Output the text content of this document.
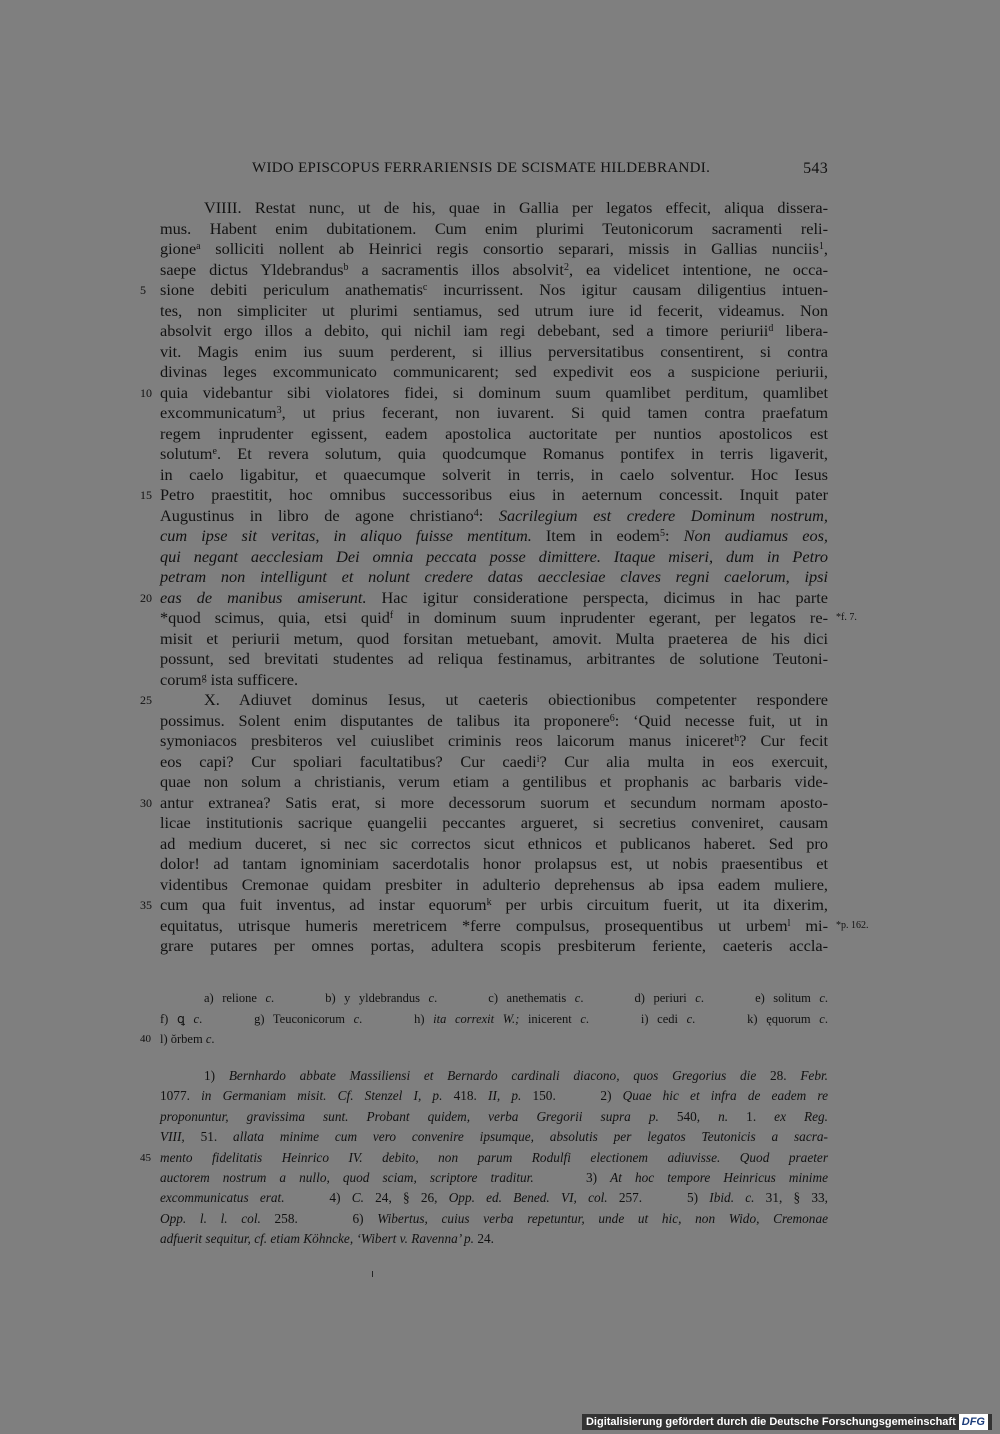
WIDO EPISCOPUS FERRARIENSIS DE SCISMATE HILDEBRANDI.	543
VIIII. Restat nunc, ut de his, quae in Gallia per legatos effecit, aliqua dissera-
mus. Habent enim dubitationem. Cum enim plurimi Teutonicorum sacramenti reli-
gione$^a$ solliciti nollent ab Heinrici regis consortio separari, missis in Gallias nunciis$^1$,
saepe dictus Yldebrandus$^b$ a sacramentis illos absolvit$^2$, ea videlicet intentione, ne occa-
sione debiti periculum anathematis$^c$ incurrissent. Nos igitur causam diligentius intuen-
5
tes, non simpliciter ut plurimi sentiamus, sed utrum iure id fecerit, videamus. Non
absolvit ergo illos a debito, qui nichil iam regi debebant, sed a timore periurii$^d$ libera-
vit. Magis enim ius suum perderent, si illius perversitatibus consentirent, si contra
divinas leges excommunicato communicarent; sed expedivit eos a suspicione periurii,
quia videbantur sibi violatores fidei, si dominum suum quamlibet perditum, quamlibet
10
excommunicatum$^3$, ut prius fecerant, non iuvarent. Si quid tamen contra praefatum
regem inprudenter egissent, eadem apostolica auctoritate per nuntios apostolicos est
solutum$^e$. Et revera solutum, quia quodcumque Romanus pontifex in terris ligaverit,
in caelo ligabitur, et quaecumque solverit in terris, in caelo solventur. Hoc Iesus
Petro praestitit, hoc omnibus successoribus eius in aeternum concessit. Inquit pater
15
Augustinus in libro de agone christiano$^4$: Sacrilegium est credere Dominum nostrum,
cum ipse sit veritas, in aliquo fuisse mentitum. Item in eodem$^5$: Non audiamus eos,
qui negant aecclesiam Dei omnia peccata posse dimittere. Itaque miseri, dum in Petro
petram non intelligunt et nolunt credere datas aecclesiae claves regni caelorum, ipsi
eas de manibus amiserunt. Hac igitur consideratione perspecta, dicimus in hac parte
20
*quod scimus, quia, etsi quid$^f$ in dominum suum inprudenter egerant, per legatos re- *f. 7.
misit et periurii metum, quod forsitan metuebant, amovit. Multa praeterea de his dici
possunt, sed brevitati studentes ad reliqua festinamus, arbitrantes de solutione Teutoni-
corum$^g$ ista sufficere.
X. Adiuvet dominus Iesus, ut caeteris obiectionibus competenter respondere
25
possimus. Solent enim disputantes de talibus ita proponere$^6$: ‘Quid necesse fuit, ut in
symoniacos presbiteros vel cuiuslibet criminis reos laicorum manus iniceret$^h$? Cur fecit
eos capi? Cur spoliari facultatibus? Cur caedi$^i$? Cur alia multa in eos exercuit,
quae non solum a christianis, verum etiam a gentilibus et prophanis ac barbaris vide-
antur extranea? Satis erat, si more decessorum suorum et secundum normam aposto-
30
licae institutionis sacrique ęuangelii peccantes argueret, si secretius conveniret, causam
ad medium duceret, si nec sic correctos sicut ethnicos et publicanos haberet. Sed pro
dolor! ad tantam ignominiam sacerdotalis honor prolapsus est, ut nobis praesentibus et
videntibus Cremonae quidam presbiter in adulterio deprehensus ab ipsa eadem muliere,
cum qua fuit inventus, ad instar equorum$^k$ per urbis circuitum fuerit, ut ita dixerim,
35
equitatus, utrisque humeris meretricem *ferre compulsus, prosequentibus ut urbem$^l$ mi- *p. 162.
grare putares per omnes portas, adultera scopis presbiterum feriente, caeteris accla-
a) relione c.      b) y yldebrandus c.      c) anethematis c.      d) periuri c.      e) solitum c.
f) ꝗ c.      g) Teuconicorum c.      h) ita correxit W.; inicerent c.      i) cedi c.      k) ęquorum c.
l) ŏrbem c.
40
1) Bernhardo abbate Massiliensi et Bernardo cardinali diacono, quos Gregorius die 28. Febr.
1077. in Germaniam misit. Cf. Stenzel I, p. 418. II, p. 150.    2) Quae hic et infra de eadem re
proponuntur, gravissima sunt. Probant quidem, verba Gregorii supra p. 540, n. 1. ex Reg.
VIII, 51. allata minime cum vero convenire ipsumque, absolutis per legatos Teutonicis a sacra-
mento fidelitatis Heinrico IV. debito, non parum Rodulfi electionem adiuvisse. Quod praeter
45
auctorem nostrum a nullo, quod sciam, scriptore traditur.    3) At hoc tempore Heinricus minime
excommunicatus erat.    4) C. 24, § 26, Opp. ed. Bened. VI, col. 257.    5) Ibid. c. 31, § 33,
Opp. l. l. col. 258.    6) Wibertus, cuius verba repetuntur, unde ut hic, non Wido, Cremonae
adfuerit sequitur, cf. etiam Köhncke, ‘Wibert v. Ravenna’ p. 24.
Digitalisierung gefördert durch die Deutsche Forschungsgemeinschaft DFG
